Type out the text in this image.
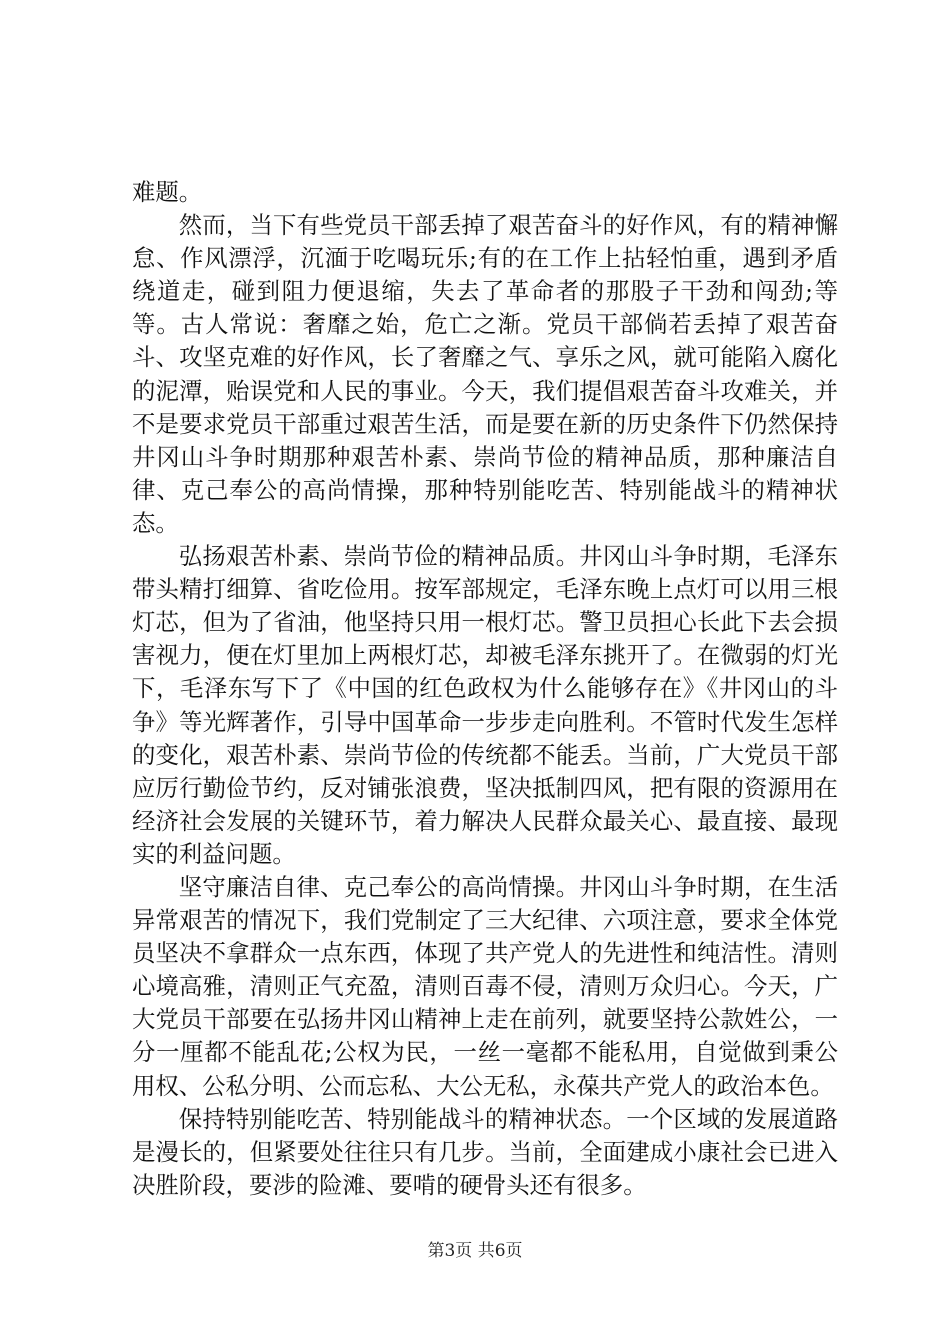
难题。

然而，当下有些党员干部丢掉了艰苦奋斗的好作风，有的精神懈怠、作风漂浮，沉湎于吃喝玩乐;有的在工作上拈轻怕重，遇到矛盾绕道走，碰到阻力便退缩，失去了革命者的那股子干劲和闯劲;等等。古人常说：奢靡之始，危亡之渐。党员干部倘若丢掉了艰苦奋斗、攻坚克难的好作风，长了奢靡之气、享乐之风，就可能陷入腐化的泥潭，贻误党和人民的事业。今天，我们提倡艰苦奋斗攻难关，并不是要求党员干部重过艰苦生活，而是要在新的历史条件下仍然保持井冈山斗争时期那种艰苦朴素、崇尚节俭的精神品质，那种廉洁自律、克己奉公的高尚情操，那种特别能吃苦、特别能战斗的精神状态。

弘扬艰苦朴素、崇尚节俭的精神品质。井冈山斗争时期，毛泽东带头精打细算、省吃俭用。按军部规定，毛泽东晚上点灯可以用三根灯芯，但为了省油，他坚持只用一根灯芯。警卫员担心长此下去会损害视力，便在灯里加上两根灯芯，却被毛泽东挑开了。在微弱的灯光下，毛泽东写下了《中国的红色政权为什么能够存在》《井冈山的斗争》等光辉著作，引导中国革命一步步走向胜利。不管时代发生怎样的变化，艰苦朴素、崇尚节俭的传统都不能丢。当前，广大党员干部应厉行勤俭节约，反对铺张浪费，坚决抵制四风，把有限的资源用在经济社会发展的关键环节，着力解决人民群众最关心、最直接、最现实的利益问题。

坚守廉洁自律、克己奉公的高尚情操。井冈山斗争时期，在生活异常艰苦的情况下，我们党制定了三大纪律、六项注意，要求全体党员坚决不拿群众一点东西，体现了共产党人的先进性和纯洁性。清则心境高雅，清则正气充盈，清则百毒不侵，清则万众归心。今天，广大党员干部要在弘扬井冈山精神上走在前列，就要坚持公款姓公，一分一厘都不能乱花;公权为民，一丝一毫都不能私用，自觉做到秉公用权、公私分明、公而忘私、大公无私，永葆共产党人的政治本色。

保持特别能吃苦、特别能战斗的精神状态。一个区域的发展道路是漫长的，但紧要处往往只有几步。当前，全面建成小康社会已进入决胜阶段，要涉的险滩、要啃的硬骨头还有很多。

第3页 共6页
